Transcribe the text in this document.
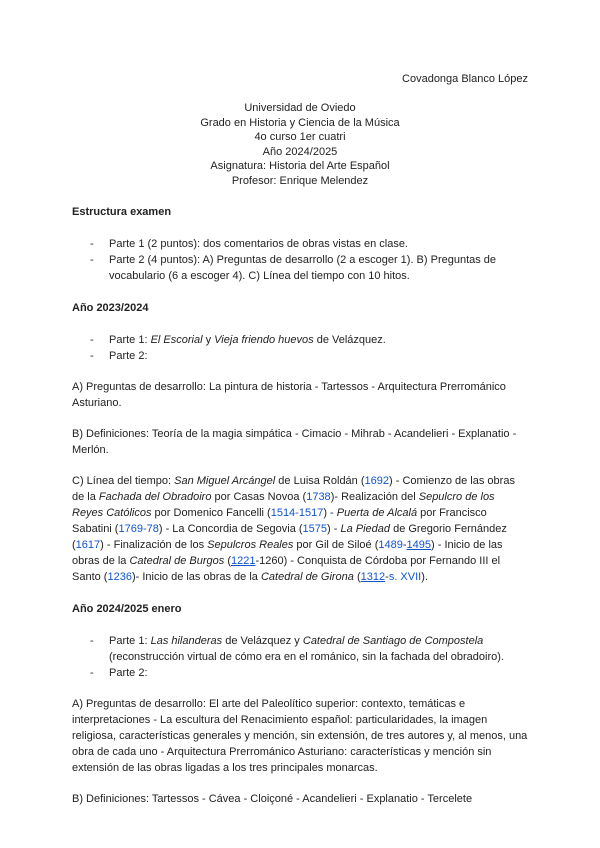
Covadonga Blanco López
Universidad de Oviedo
Grado en Historia y Ciencia de la Música
4o curso 1er cuatri
Año 2024/2025
Asignatura: Historia del Arte Español
Profesor: Enrique Melendez

Estructura examen

- Parte 1 (2 puntos): dos comentarios de obras vistas en clase.
- Parte 2 (4 puntos): A) Preguntas de desarrollo (2 a escoger 1). B) Preguntas de vocabulario (6 a escoger 4). C) Línea del tiempo con 10 hitos.

Año 2023/2024

- Parte 1: El Escorial y Vieja friendo huevos de Velázquez.
- Parte 2:

A) Preguntas de desarrollo: La pintura de historia - Tartessos - Arquitectura Prerrománico Asturiano.

B) Definiciones: Teoría de la magia simpática - Cimacio - Mihrab - Acandelieri - Explanatio - Merlón.

C) Línea del tiempo: San Miguel Arcángel de Luisa Roldán (1692) - Comienzo de las obras de la Fachada del Obradoiro por Casas Novoa (1738)- Realización del Sepulcro de los Reyes Católicos por Domenico Fancelli (1514-1517) - Puerta de Alcalá por Francisco Sabatini (1769-78) - La Concordia de Segovia (1575) - La Piedad de Gregorio Fernández (1617) - Finalización de los Sepulcros Reales por Gil de Siloé (1489-1495) - Inicio de las obras de la Catedral de Burgos (1221-1260) - Conquista de Córdoba por Fernando III el Santo (1236)- Inicio de las obras de la Catedral de Girona (1312-s. XVII).

Año 2024/2025 enero

- Parte 1: Las hilanderas de Velázquez y Catedral de Santiago de Compostela (reconstrucción virtual de cómo era en el románico, sin la fachada del obradoiro).
- Parte 2:

A) Preguntas de desarrollo: El arte del Paleolítico superior: contexto, temáticas e interpretaciones - La escultura del Renacimiento español: particularidades, la imagen religiosa, características generales y mención, sin extensión, de tres autores y, al menos, una obra de cada uno - Arquitectura Prerrománico Asturiano: características y mención sin extensión de las obras ligadas a los tres principales monarcas.

B) Definiciones: Tartessos - Cávea - Cloiçoné - Acandelieri - Explanatio - Tercelete
